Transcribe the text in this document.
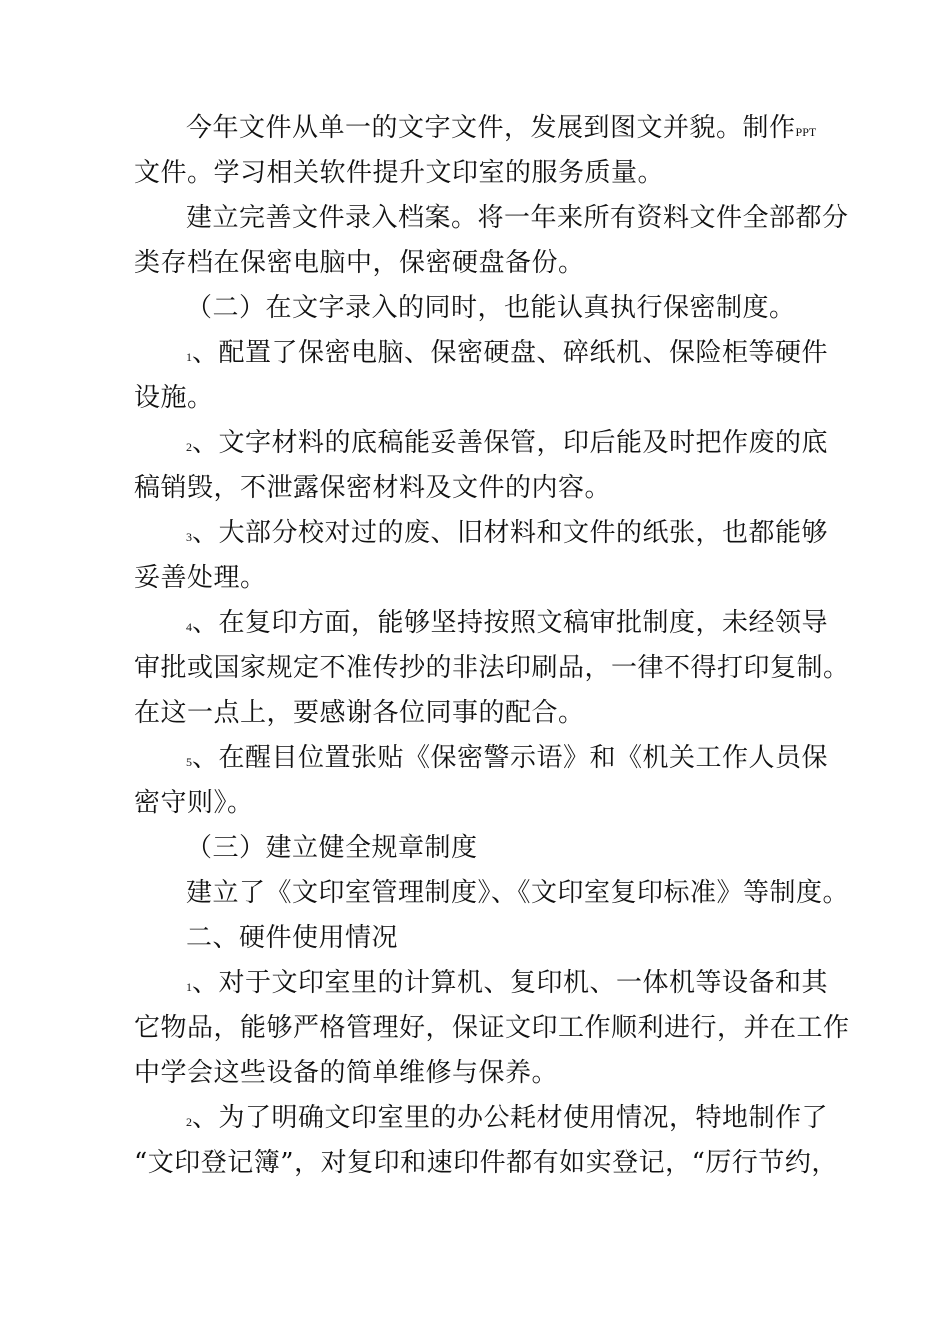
今年文件从单一的文字文件，发展到图文并貌。制作PPT
文件。学习相关软件提升文印室的服务质量。
建立完善文件录入档案。将一年来所有资料文件全部都分
类存档在保密电脑中，保密硬盘备份。
（二）在文字录入的同时，也能认真执行保密制度。
1、配置了保密电脑、保密硬盘、碎纸机、保险柜等硬件
设施。
2、文字材料的底稿能妥善保管，印后能及时把作废的底
稿销毁，不泄露保密材料及文件的内容。
3、大部分校对过的废、旧材料和文件的纸张，也都能够
妥善处理。
4、在复印方面，能够坚持按照文稿审批制度，未经领导
审批或国家规定不准传抄的非法印刷品，一律不得打印复制。
在这一点上，要感谢各位同事的配合。
5、在醒目位置张贴《保密警示语》和《机关工作人员保
密守则》。
（三）建立健全规章制度
建立了《文印室管理制度》、《文印室复印标准》等制度。
二、硬件使用情况
1、对于文印室里的计算机、复印机、一体机等设备和其
它物品，能够严格管理好，保证文印工作顺利进行，并在工作
中学会这些设备的简单维修与保养。
2、为了明确文印室里的办公耗材使用情况，特地制作了
“文印登记簿”，对复印和速印件都有如实登记，“厉行节约，
